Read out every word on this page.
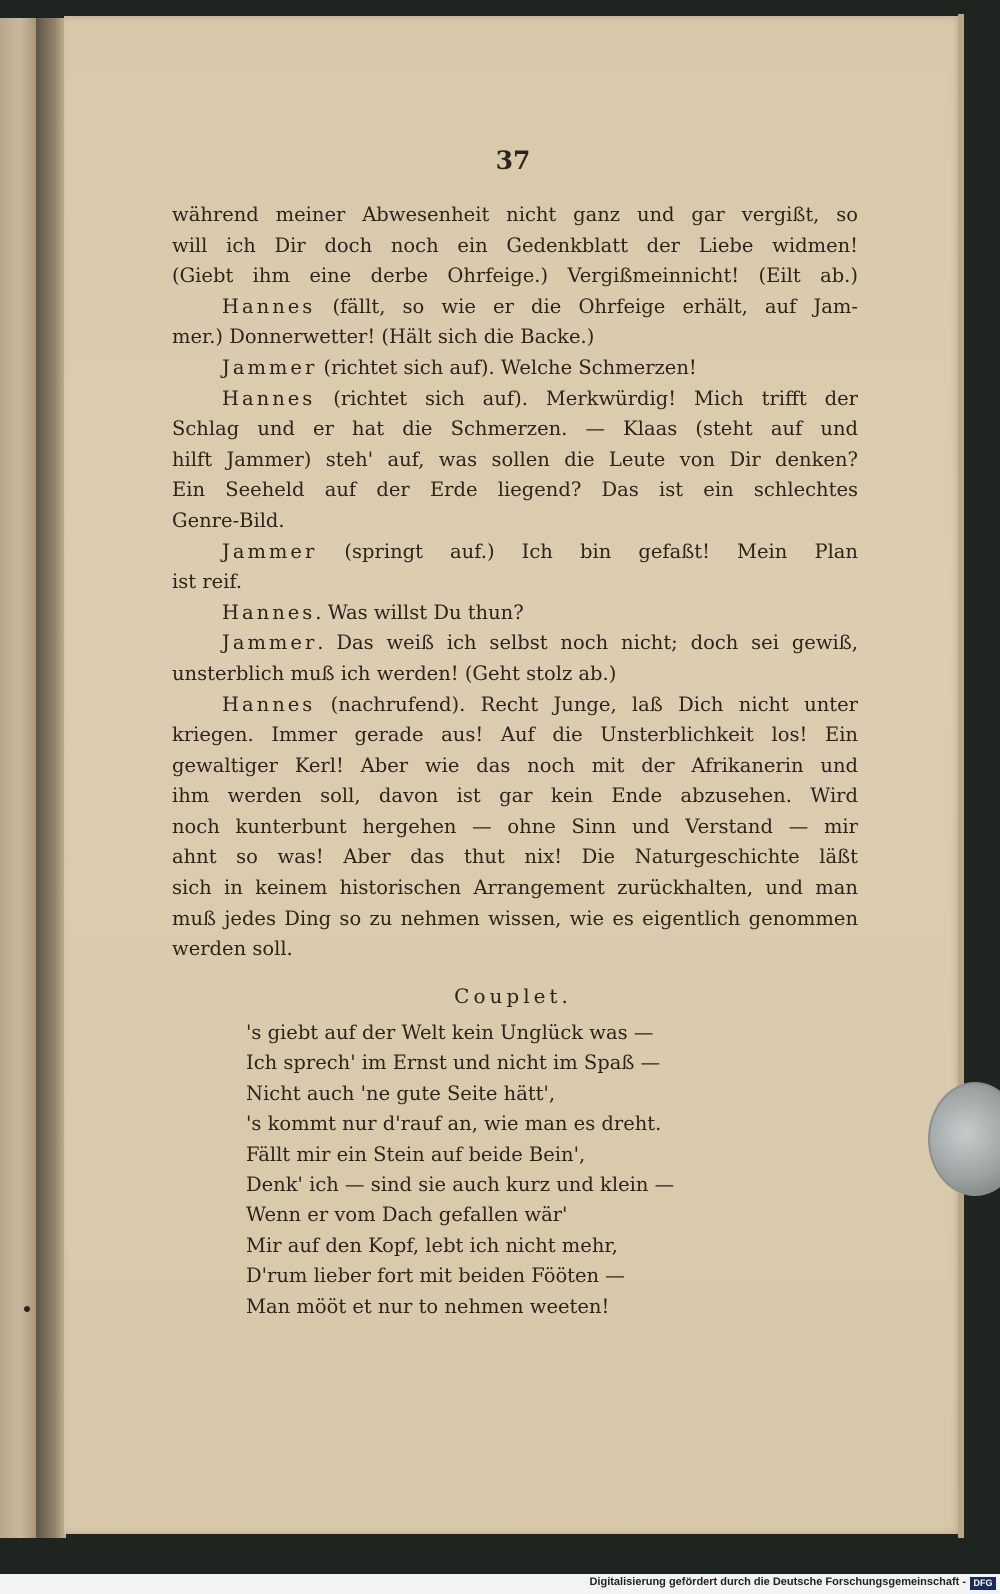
37
während meiner Abwesenheit nicht ganz und gar vergißt, so
will ich Dir doch noch ein Gedenkblatt der Liebe widmen!
(Giebt ihm eine derbe Ohrfeige.) Vergißmeinnicht! (Eilt ab.)
Hannes (fällt, so wie er die Ohrfeige erhält, auf Jam-
mer.) Donnerwetter! (Hält sich die Backe.)
Jammer (richtet sich auf). Welche Schmerzen!
Hannes (richtet sich auf). Merkwürdig! Mich trifft der
Schlag und er hat die Schmerzen. — Klaas (steht auf und
hilft Jammer) steh' auf, was sollen die Leute von Dir denken?
Ein Seeheld auf der Erde liegend? Das ist ein schlechtes
Genre-Bild.
Jammer (springt auf.) Ich bin gefaßt! Mein Plan
ist reif.
Hannes. Was willst Du thun?
Jammer. Das weiß ich selbst noch nicht; doch sei gewiß,
unsterblich muß ich werden! (Geht stolz ab.)
Hannes (nachrufend). Recht Junge, laß Dich nicht unter
kriegen. Immer gerade aus! Auf die Unsterblichkeit los! Ein
gewaltiger Kerl! Aber wie das noch mit der Afrikanerin und
ihm werden soll, davon ist gar kein Ende abzusehen. Wird
noch kunterbunt hergehen — ohne Sinn und Verstand — mir
ahnt so was! Aber das thut nix! Die Naturgeschichte läßt
sich in keinem historischen Arrangement zurückhalten, und man
muß jedes Ding so zu nehmen wissen, wie es eigentlich genommen
werden soll.
Couplet.
's giebt auf der Welt kein Unglück was —
Ich sprech' im Ernst und nicht im Spaß —
Nicht auch 'ne gute Seite hätt',
's kommt nur d'rauf an, wie man es dreht.
Fällt mir ein Stein auf beide Bein',
Denk' ich — sind sie auch kurz und klein —
Wenn er vom Dach gefallen wär'
Mir auf den Kopf, lebt ich nicht mehr,
D'rum lieber fort mit beiden Fööten —
Man mööt et nur to nehmen weeten!
Digitalisierung gefördert durch die Deutsche Forschungsgemeinschaft - DFG
